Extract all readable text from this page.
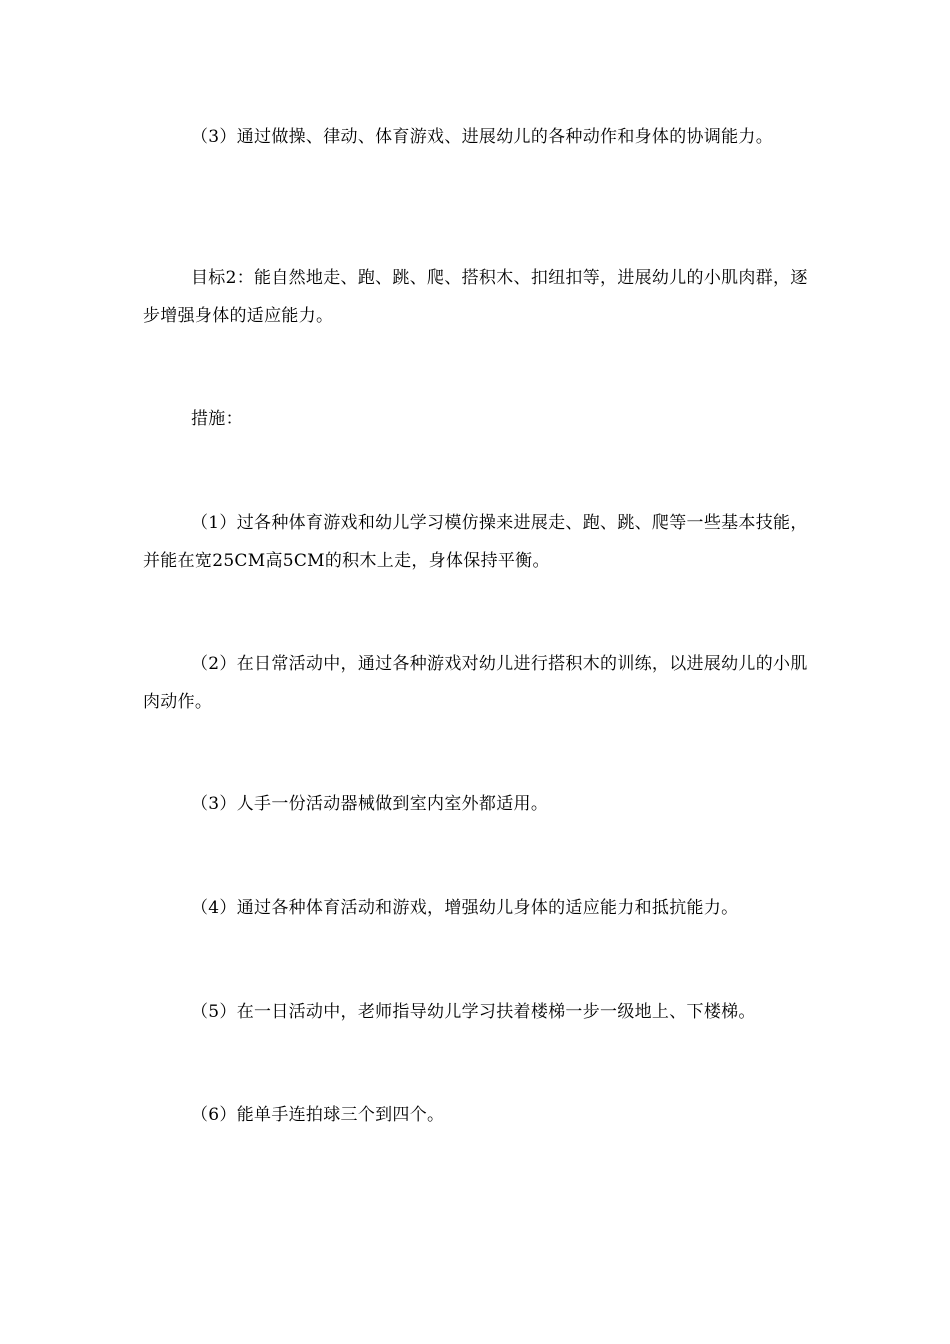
（3）通过做操、律动、体育游戏、进展幼儿的各种动作和身体的协调能力。

目标2：能自然地走、跑、跳、爬、搭积木、扣纽扣等，进展幼儿的小肌肉群，逐步增强身体的适应能力。

措施：

（1）过各种体育游戏和幼儿学习模仿操来进展走、跑、跳、爬等一些基本技能，并能在宽25CM高5CM的积木上走，身体保持平衡。

（2）在日常活动中，通过各种游戏对幼儿进行搭积木的训练，以进展幼儿的小肌肉动作。

（3）人手一份活动器械做到室内室外都适用。

（4）通过各种体育活动和游戏，增强幼儿身体的适应能力和抵抗能力。

（5）在一日活动中，老师指导幼儿学习扶着楼梯一步一级地上、下楼梯。

（6）能单手连拍球三个到四个。
